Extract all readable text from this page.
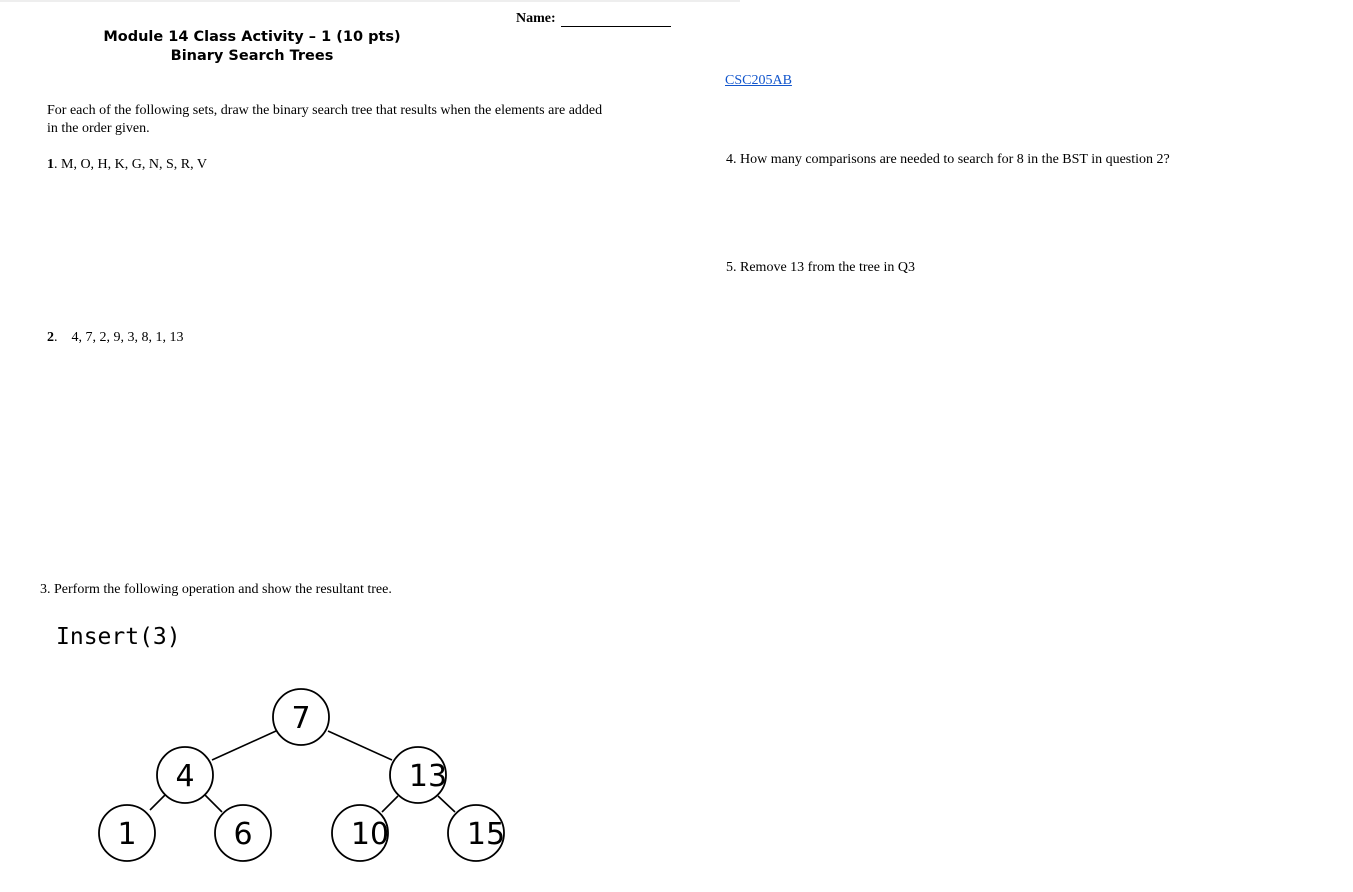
Name:
Module 14 Class Activity – 1 (10 pts)
Binary Search Trees
CSC205AB
For each of the following sets, draw the binary search tree that results when the elements are added in the order given.
1. M, O, H, K, G, N, S, R, V
2.    4, 7, 2, 9, 3, 8, 1, 13
3. Perform the following operation and show the resultant tree.
4. How many comparisons are needed to search for 8 in the BST in question 2?
5. Remove 13 from the tree in Q3
Insert(3)
7
4	13
1	6	10	15
